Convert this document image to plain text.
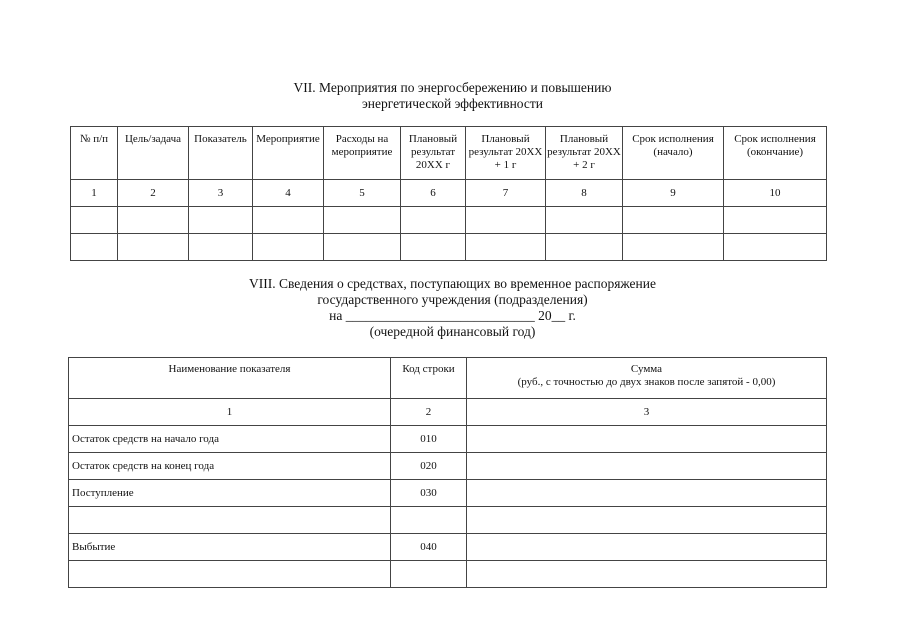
VII. Мероприятия по энергосбережению и повышению
энергетической эффективности
№ п/п	Цель/задача	Показатель	Мероприятие	Расходы на мероприятие	Плановый результат 20XX г	Плановый результат 20XX + 1 г	Плановый результат 20XX + 2 г	Срок исполнения (начало)	Срок исполнения (окончание)
1	2	3	4	5	6	7	8	9	10

VIII. Сведения о средствах, поступающих во временное распоряжение
государственного учреждения (подразделения)
на ____________________________ 20__ г.
(очередной финансовый год)
Наименование показателя	Код строки	Сумма
(руб., с точностью до двух знаков после запятой - 0,00)

1	2	3
Остаток средств на начало года	010	
Остаток средств на конец года	020	
Поступление	030	

Выбытие	040	
